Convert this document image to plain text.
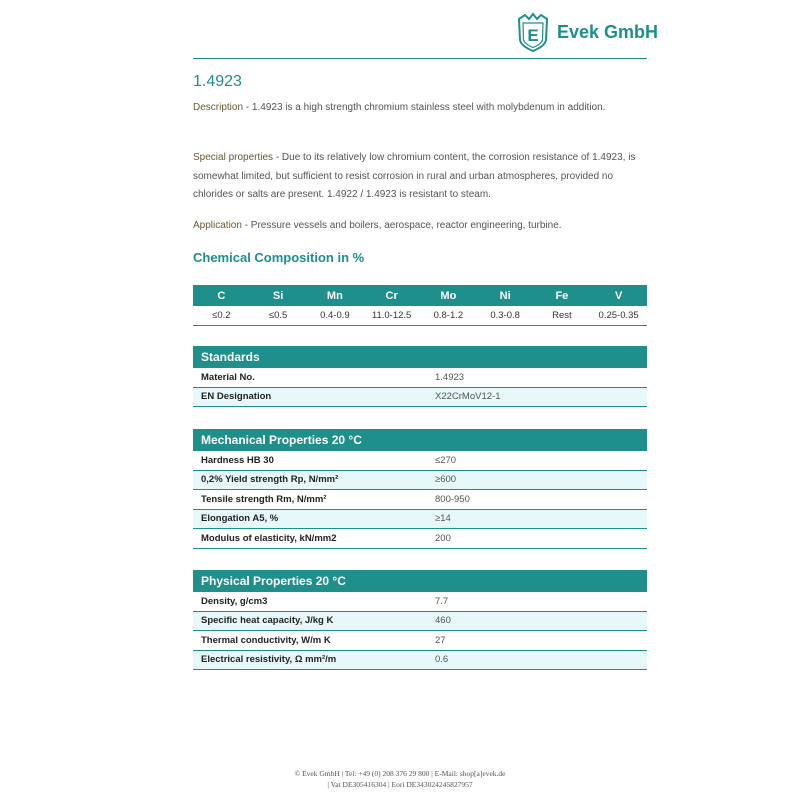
E Evek GmbH
1.4923
Description - 1.4923 is a high strength chromium stainless steel with molybdenum in addition.
Special properties - Due to its relatively low chromium content, the corrosion resistance of 1.4923, is somewhat limited, but sufficient to resist corrosion in rural and urban atmospheres, provided no chlorides or salts are present. 1.4922 / 1.4923 is resistant to steam.
Application - Pressure vessels and boilers, aerospace, reactor engineering, turbine.
Chemical Composition in %
C	Si	Mn	Cr	Mo	Ni	Fe	V
≤0.2	≤0.5	0.4-0.9	11.0-12.5	0.8-1.2	0.3-0.8	Rest	0.25-0.35
Standards	
Material No.	1.4923
EN Designation	X22CrMoV12-1
Mechanical Properties 20 °C	
Hardness HB 30	≤270
0,2% Yield strength Rp, N/mm²	≥600
Tensile strength Rm, N/mm²	800-950
Elongation A5, %	≥14
Modulus of elasticity, kN/mm2	200
Physical Properties 20 °C	
Density, g/cm3	7.7
Specific heat capacity, J/kg K	460
Thermal conductivity, W/m K	27
Electrical resistivity, Ω mm²/m	0.6
© Evek GmbH | Tel: +49 (0) 208 376 29 800 | E-Mail: shop[a]evek.de
| Vat DE305416304 | Eori DE343024245827957
